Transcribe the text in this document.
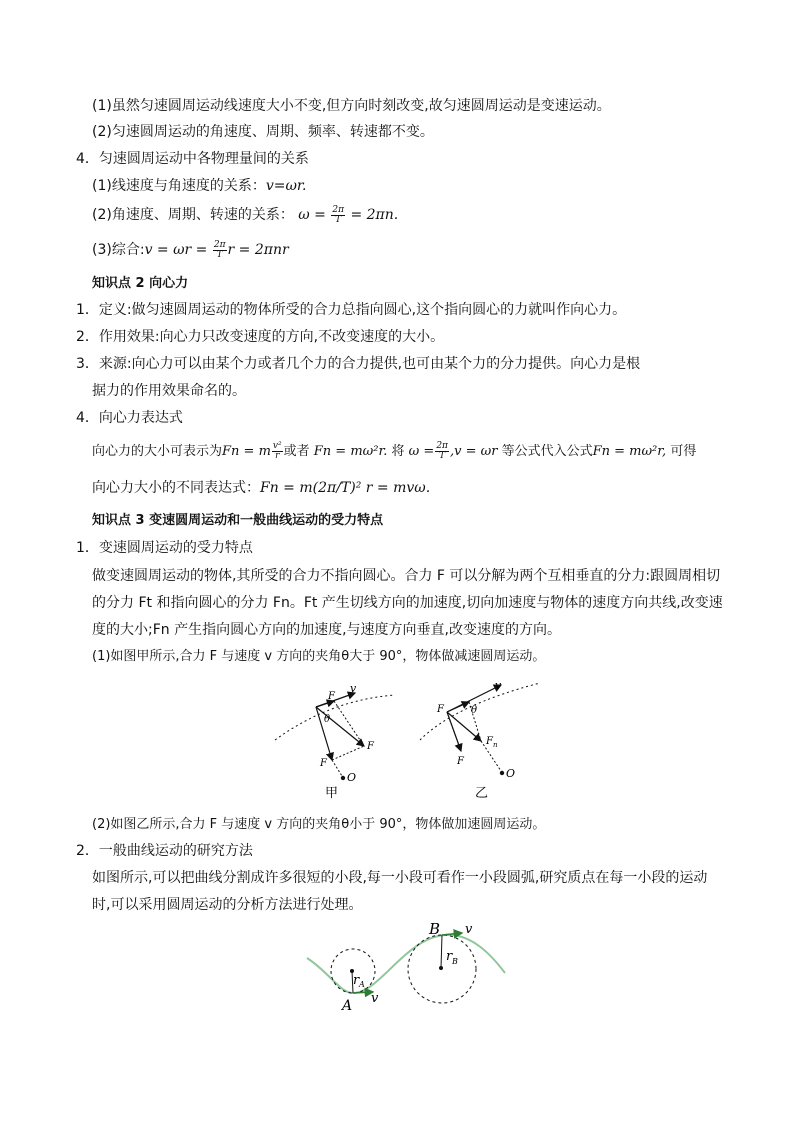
(1)虽然匀速圆周运动线速度大小不变,但方向时刻改变,故匀速圆周运动是变速运动。
(2)匀速圆周运动的角速度、周期、频率、转速都不变。
4．匀速圆周运动中各物理量间的关系
(1)线速度与角速度的关系：v=ωr.
(2)角速度、周期、转速的关系： $\omega = \frac{2\pi}{T} = 2\pi n$.
(3)综合:v = $\omega r = \frac{2\pi}{T}$ r = 2πnr
知识点 2 向心力
1．定义:做匀速圆周运动的物体所受的合力总指向圆心,这个指向圆心的力就叫作向心力。
2．作用效果:向心力只改变速度的方向,不改变速度的大小。
3．来源:向心力可以由某个力或者几个力的合力提供,也可由某个力的分力提供。向心力是根
据力的作用效果命名的。
4．向心力表达式
向心力的大小可表示为Fn = m $\frac{\text{v²}}{r}$ 或者 Fn = mω²r. 将 $\omega = \frac{2\pi}{T} ,v = \omega r$ 等公式代入公式Fn = mω²r, 可得
向心力大小的不同表达式：Fn = m(2π/T)² r = mvω.
知识点 3 变速圆周运动和一般曲线运动的受力特点
1．变速圆周运动的受力特点
做变速圆周运动的物体,其所受的合力不指向圆心。合力 F 可以分解为两个互相垂直的分力:跟圆周相切
的分力 Ft 和指向圆心的分力 Fn。Ft 产生切线方向的加速度,切向加速度与物体的速度方向共线,改变速
度的大小;Fn 产生指向圆心方向的加速度,与速度方向垂直,改变速度的方向。
(1)如图甲所示,合力 F 与速度 v 方向的夹角θ大于 90°，物体做减速圆周运动。
v
F
θ
F
F
O
甲
v
F	θ
F n
F
O
乙
(2)如图乙所示,合力 F 与速度 v 方向的夹角θ小于 90°，物体做加速圆周运动。
2．一般曲线运动的研究方法
如图所示,可以把曲线分割成许多很短的小段,每一小段可看作一小段圆弧,研究质点在每一小段的运动
时,可以采用圆周运动的分析方法进行处理。
A v
r A
B v
r B
